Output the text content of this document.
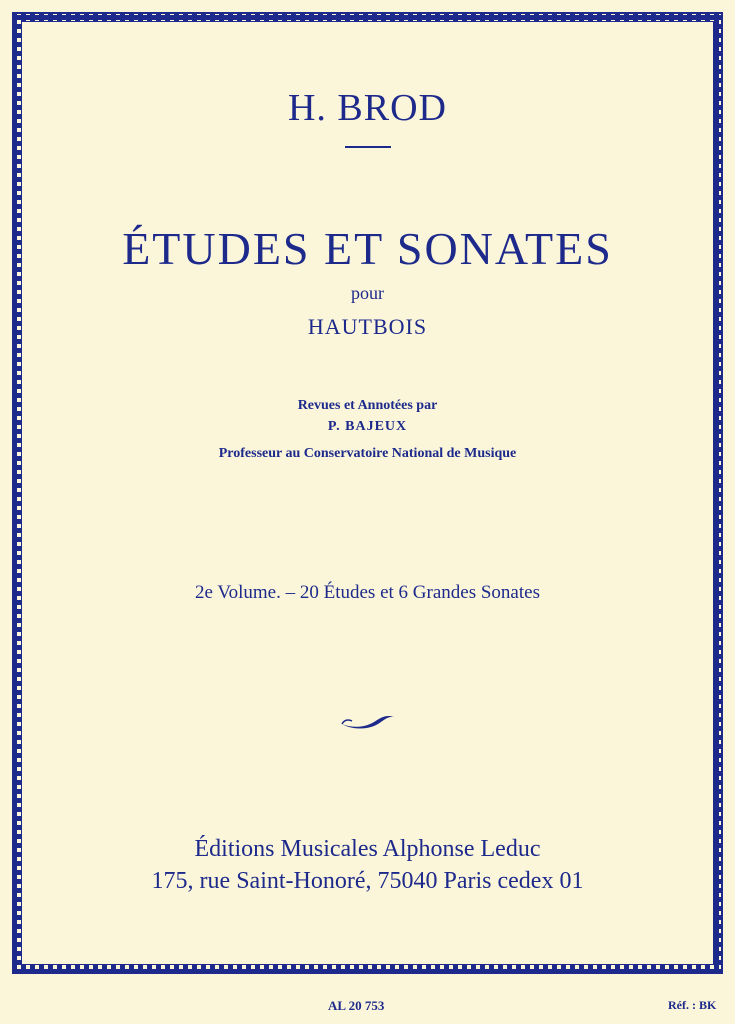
H. BROD
ÉTUDES ET SONATES
pour
HAUTBOIS
Revues et Annotées par
P. BAJEUX
Professeur au Conservatoire National de Musique
2e Volume. – 20 Études et 6 Grandes Sonates
Éditions Musicales Alphonse Leduc
175, rue Saint-Honoré, 75040 Paris cedex 01
AL 20 753	Réf. : BK
